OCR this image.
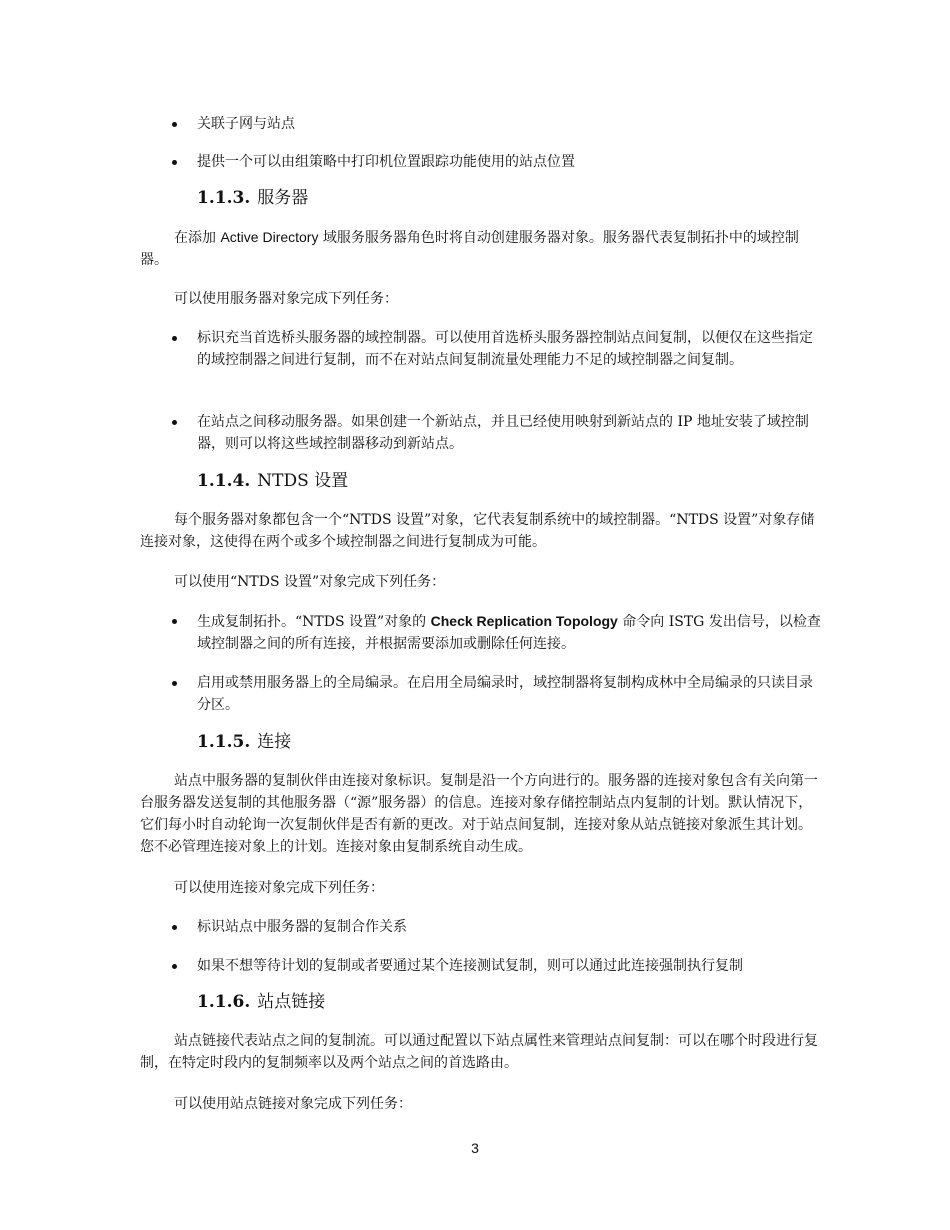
关联子网与站点
提供一个可以由组策略中打印机位置跟踪功能使用的站点位置
1.1.3. 服务器
在添加 Active Directory 域服务服务器角色时将自动创建服务器对象。服务器代表复制拓扑中的域控制器。
可以使用服务器对象完成下列任务：
标识充当首选桥头服务器的域控制器。可以使用首选桥头服务器控制站点间复制，以便仅在这些指定的域控制器之间进行复制，而不在对站点间复制流量处理能力不足的域控制器之间复制。
在站点之间移动服务器。如果创建一个新站点，并且已经使用映射到新站点的 IP 地址安装了域控制器，则可以将这些域控制器移动到新站点。
1.1.4. NTDS 设置
每个服务器对象都包含一个“NTDS 设置”对象，它代表复制系统中的域控制器。“NTDS 设置”对象存储连接对象，这使得在两个或多个域控制器之间进行复制成为可能。
可以使用“NTDS 设置”对象完成下列任务：
生成复制拓扑。“NTDS 设置”对象的 Check Replication Topology 命令向 ISTG 发出信号，以检查域控制器之间的所有连接，并根据需要添加或删除任何连接。
启用或禁用服务器上的全局编录。在启用全局编录时，域控制器将复制构成林中全局编录的只读目录分区。
1.1.5. 连接
站点中服务器的复制伙伴由连接对象标识。复制是沿一个方向进行的。服务器的连接对象包含有关向第一台服务器发送复制的其他服务器（“源”服务器）的信息。连接对象存储控制站点内复制的计划。默认情况下，它们每小时自动轮询一次复制伙伴是否有新的更改。对于站点间复制，连接对象从站点链接对象派生其计划。您不必管理连接对象上的计划。连接对象由复制系统自动生成。
可以使用连接对象完成下列任务：
标识站点中服务器的复制合作关系
如果不想等待计划的复制或者要通过某个连接测试复制，则可以通过此连接强制执行复制
1.1.6. 站点链接
站点链接代表站点之间的复制流。可以通过配置以下站点属性来管理站点间复制：可以在哪个时段进行复制，在特定时段内的复制频率以及两个站点之间的首选路由。
可以使用站点链接对象完成下列任务：
3
